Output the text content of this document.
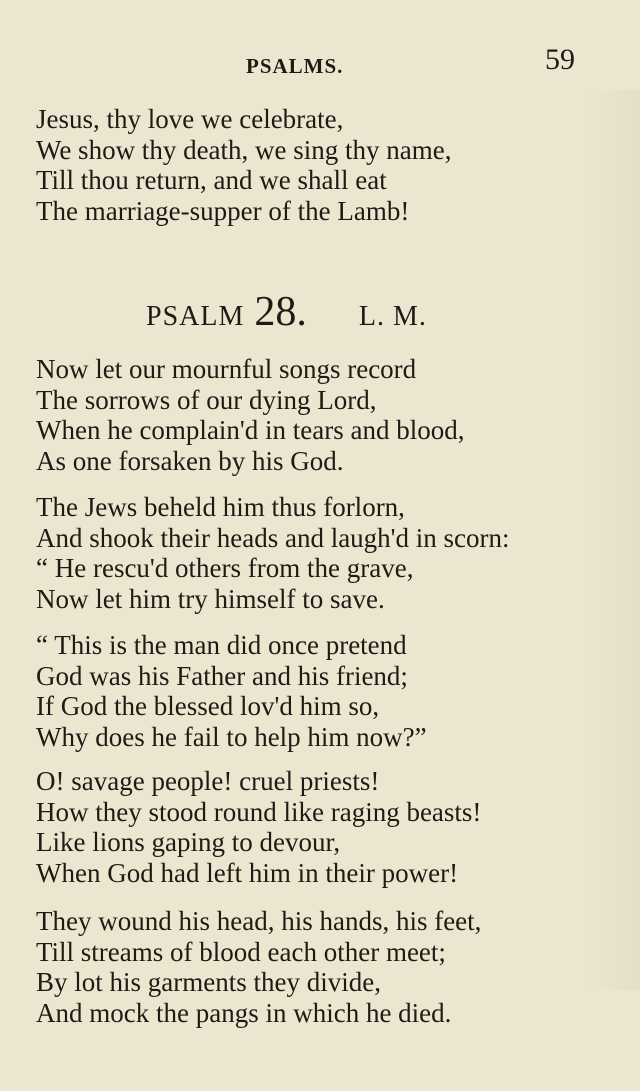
PSALMS.	59
Jesus, thy love we celebrate,
We show thy death, we sing thy name,
Till thou return, and we shall eat
The marriage-supper of the Lamb!
PSALM 28. L. M.
Now let our mournful songs record
The sorrows of our dying Lord,
When he complain'd in tears and blood,
As one forsaken by his God.
The Jews beheld him thus forlorn,
And shook their heads and laugh'd in scorn:
“ He rescu'd others from the grave,
Now let him try himself to save.
“ This is the man did once pretend
God was his Father and his friend;
If God the blessed lov'd him so,
Why does he fail to help him now?”
O! savage people! cruel priests!
How they stood round like raging beasts!
Like lions gaping to devour,
When God had left him in their power!
They wound his head, his hands, his feet,
Till streams of blood each other meet;
By lot his garments they divide,
And mock the pangs in which he died.
